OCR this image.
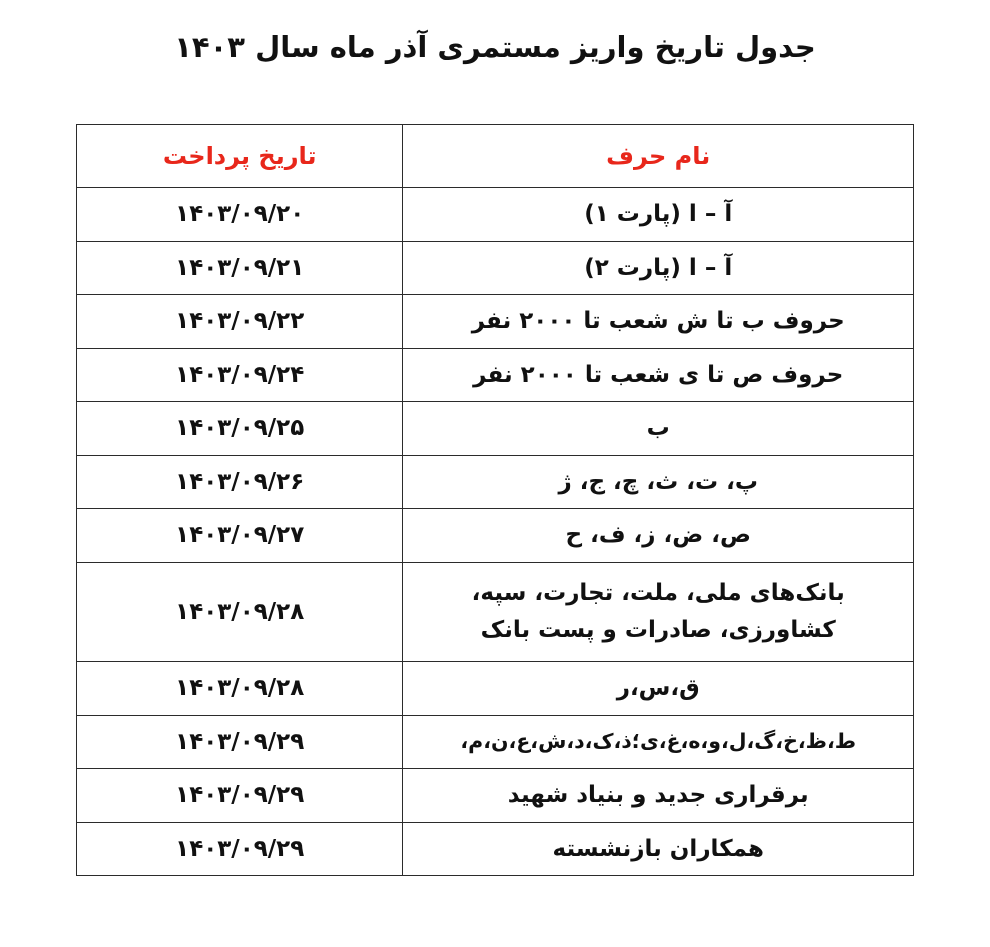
جدول تاریخ واریز مستمری آذر ماه سال ۱۴۰۳
نام حرف	تاریخ پرداخت
آ – ا (پارت ۱)	۱۴۰۳/۰۹/۲۰
آ – ا (پارت ۲)	۱۴۰۳/۰۹/۲۱
حروف ب تا ش شعب تا ۲۰۰۰ نفر	۱۴۰۳/۰۹/۲۲
حروف ص تا ی شعب تا ۲۰۰۰ نفر	۱۴۰۳/۰۹/۲۴
ب	۱۴۰۳/۰۹/۲۵
پ، ت، ث، چ، ج، ژ	۱۴۰۳/۰۹/۲۶
ص، ض، ز، ف، ح	۱۴۰۳/۰۹/۲۷
بانک‌های ملی، ملت، تجارت، سپه، کشاورزی، صادرات و پست بانک	۱۴۰۳/۰۹/۲۸
ق،س،ر	۱۴۰۳/۰۹/۲۸
ط،ظ،خ،گ،ل،و،ه،غ،ی؛ذ،ک،د،ش،ع،ن،م،	۱۴۰۳/۰۹/۲۹
برقراری جدید و بنیاد شهید	۱۴۰۳/۰۹/۲۹
همکاران بازنشسته	۱۴۰۳/۰۹/۲۹
